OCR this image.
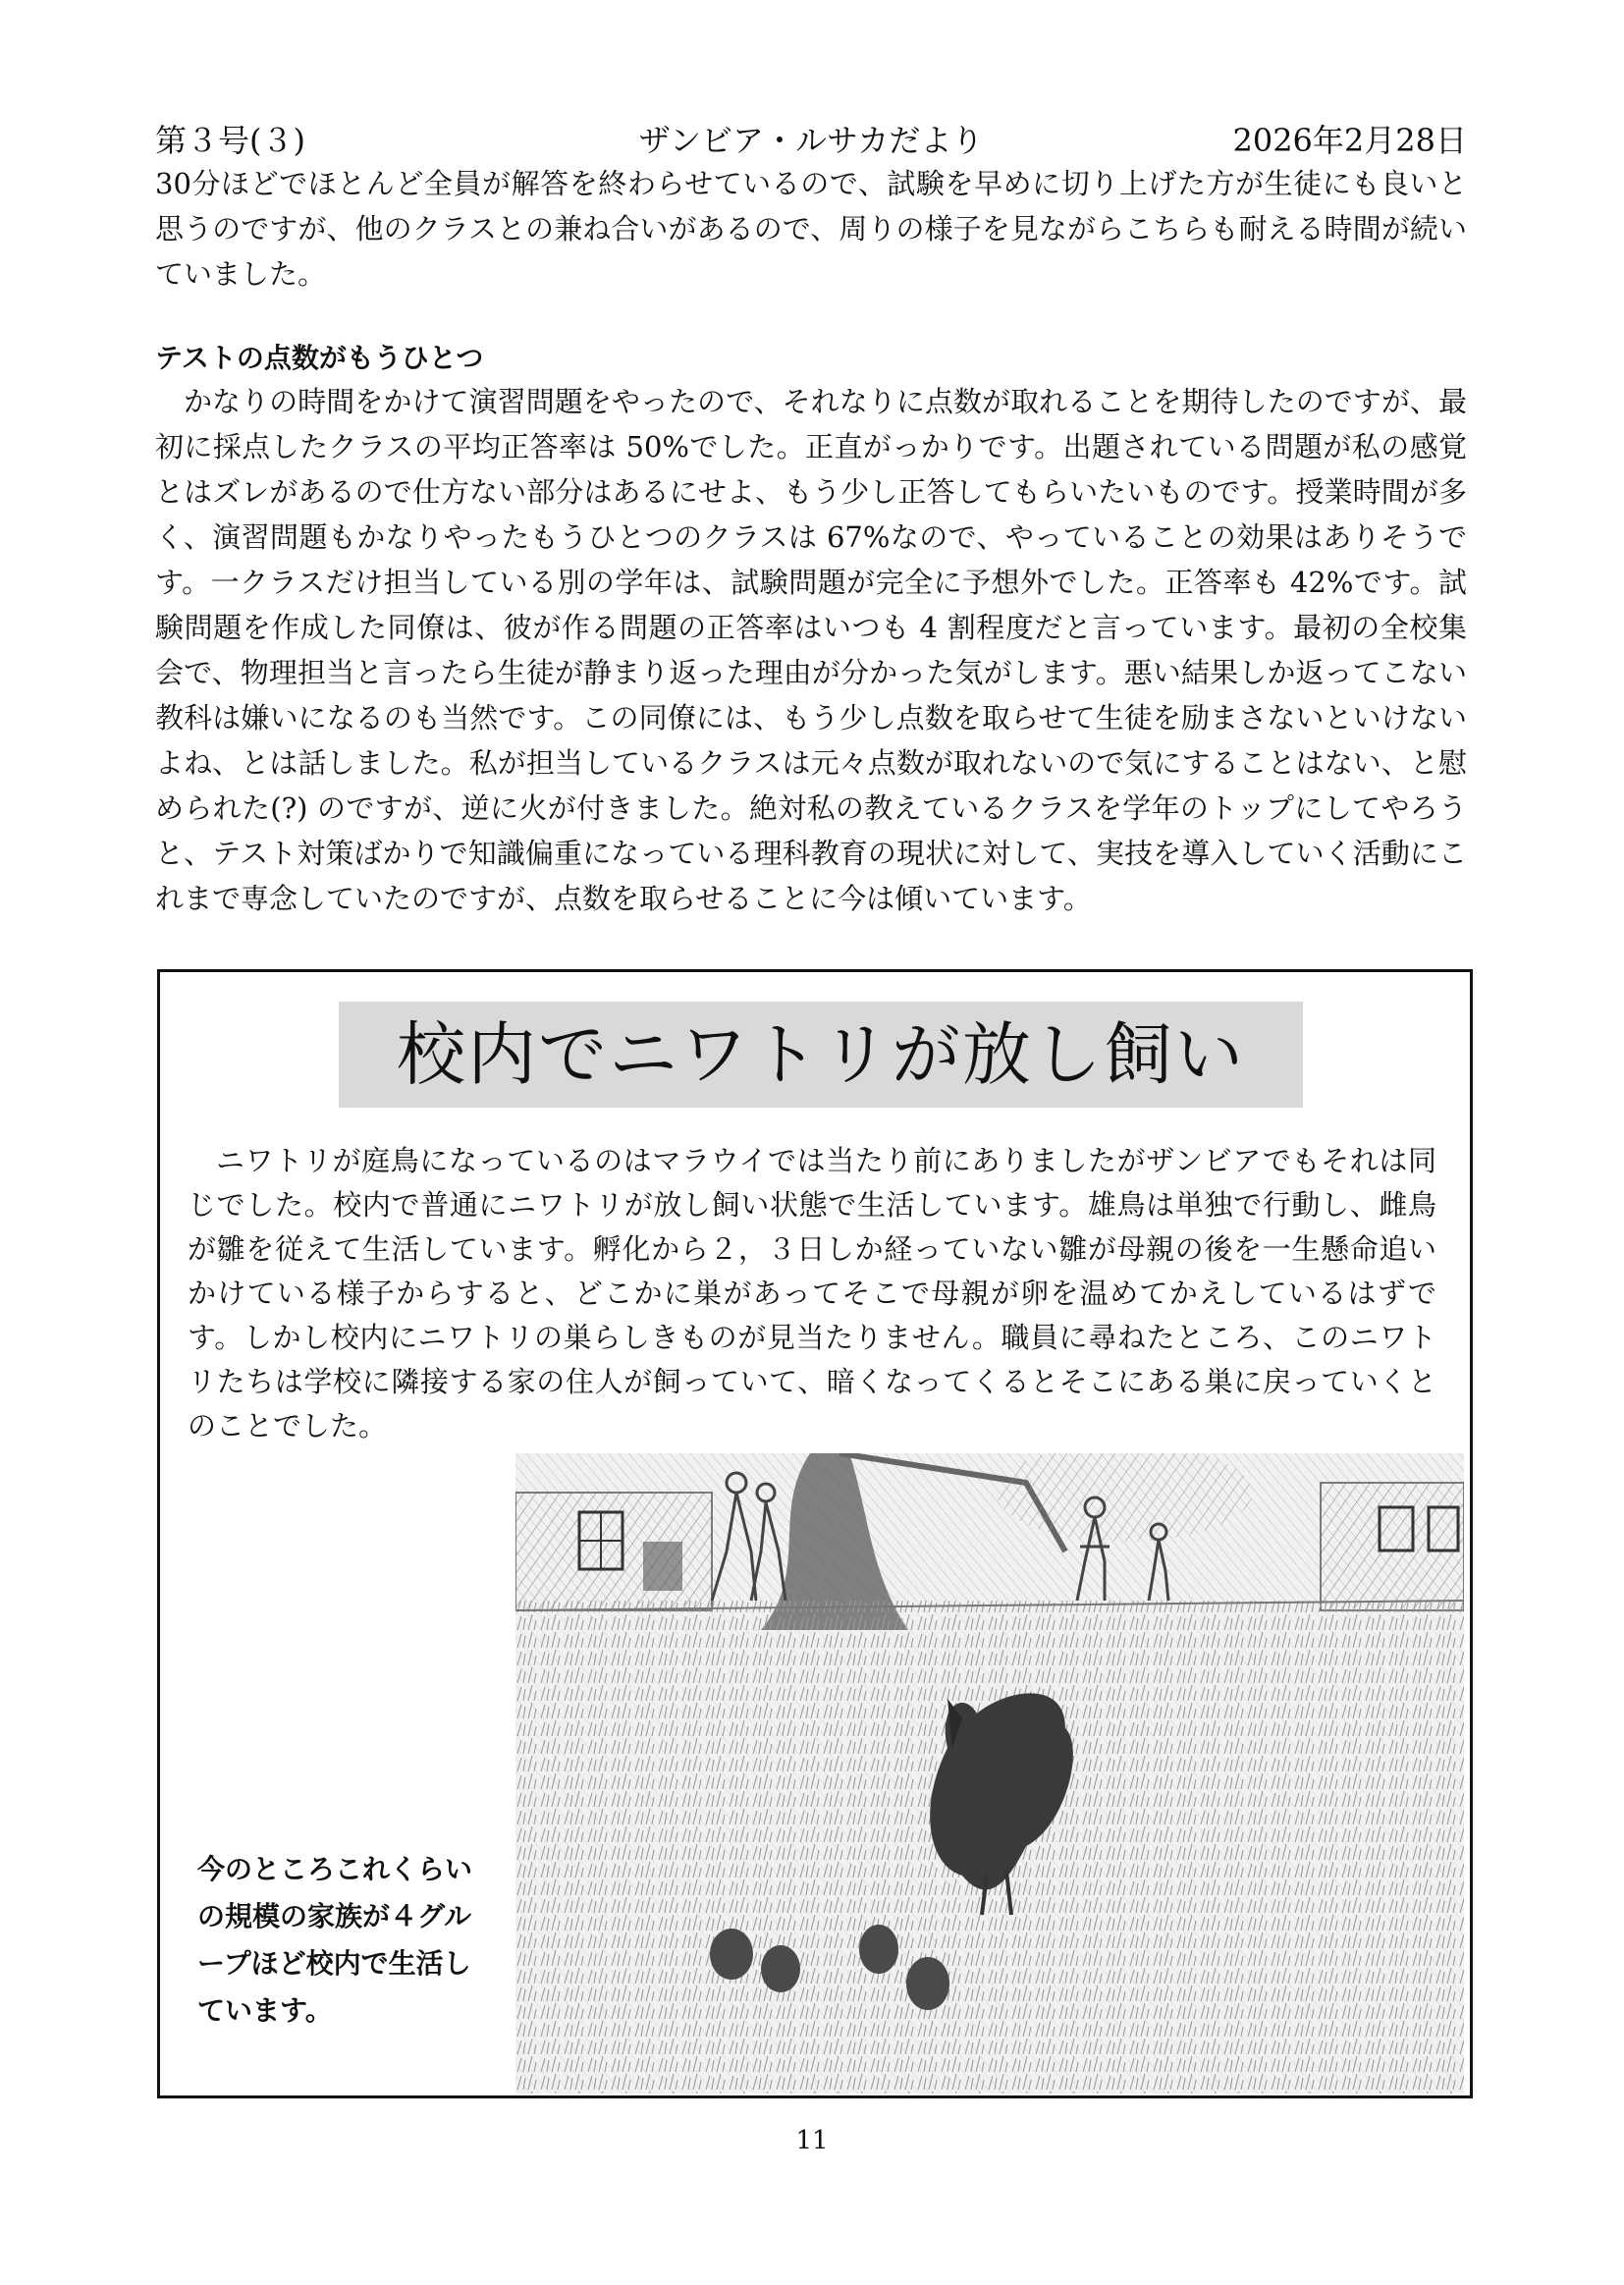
第３号(３)	ザンビア・ルサカだより	2026年2月28日

30分ほどでほとんど全員が解答を終わらせているので、試験を早めに切り上げた方が生徒にも良いと思うのですが、他のクラスとの兼ね合いがあるので、周りの様子を見ながらこちらも耐える時間が続いていました。

テストの点数がもうひとつ

かなりの時間をかけて演習問題をやったので、それなりに点数が取れることを期待したのですが、最初に採点したクラスの平均正答率は 50%でした。正直がっかりです。出題されている問題が私の感覚とはズレがあるので仕方ない部分はあるにせよ、もう少し正答してもらいたいものです。授業時間が多く、演習問題もかなりやったもうひとつのクラスは 67%なので、やっていることの効果はありそうです。一クラスだけ担当している別の学年は、試験問題が完全に予想外でした。正答率も 42%です。試験問題を作成した同僚は、彼が作る問題の正答率はいつも 4 割程度だと言っています。最初の全校集会で、物理担当と言ったら生徒が静まり返った理由が分かった気がします。悪い結果しか返ってこない教科は嫌いになるのも当然です。この同僚には、もう少し点数を取らせて生徒を励まさないといけないよね、とは話しました。私が担当しているクラスは元々点数が取れないので気にすることはない、と慰められた(?) のですが、逆に火が付きました。絶対私の教えているクラスを学年のトップにしてやろうと、テスト対策ばかりで知識偏重になっている理科教育の現状に対して、実技を導入していく活動にこれまで専念していたのですが、点数を取らせることに今は傾いています。

校内でニワトリが放し飼い

ニワトリが庭鳥になっているのはマラウイでは当たり前にありましたがザンビアでもそれは同じでした。校内で普通にニワトリが放し飼い状態で生活しています。雄鳥は単独で行動し、雌鳥が雛を従えて生活しています。孵化から２，３日しか経っていない雛が母親の後を一生懸命追いかけている様子からすると、どこかに巣があってそこで母親が卵を温めてかえしているはずです。しかし校内にニワトリの巣らしきものが見当たりません。職員に尋ねたところ、このニワトリたちは学校に隣接する家の住人が飼っていて、暗くなってくるとそこにある巣に戻っていくとのことでした。

今のところこれくらいの規模の家族が４グループほど校内で生活しています。

11
